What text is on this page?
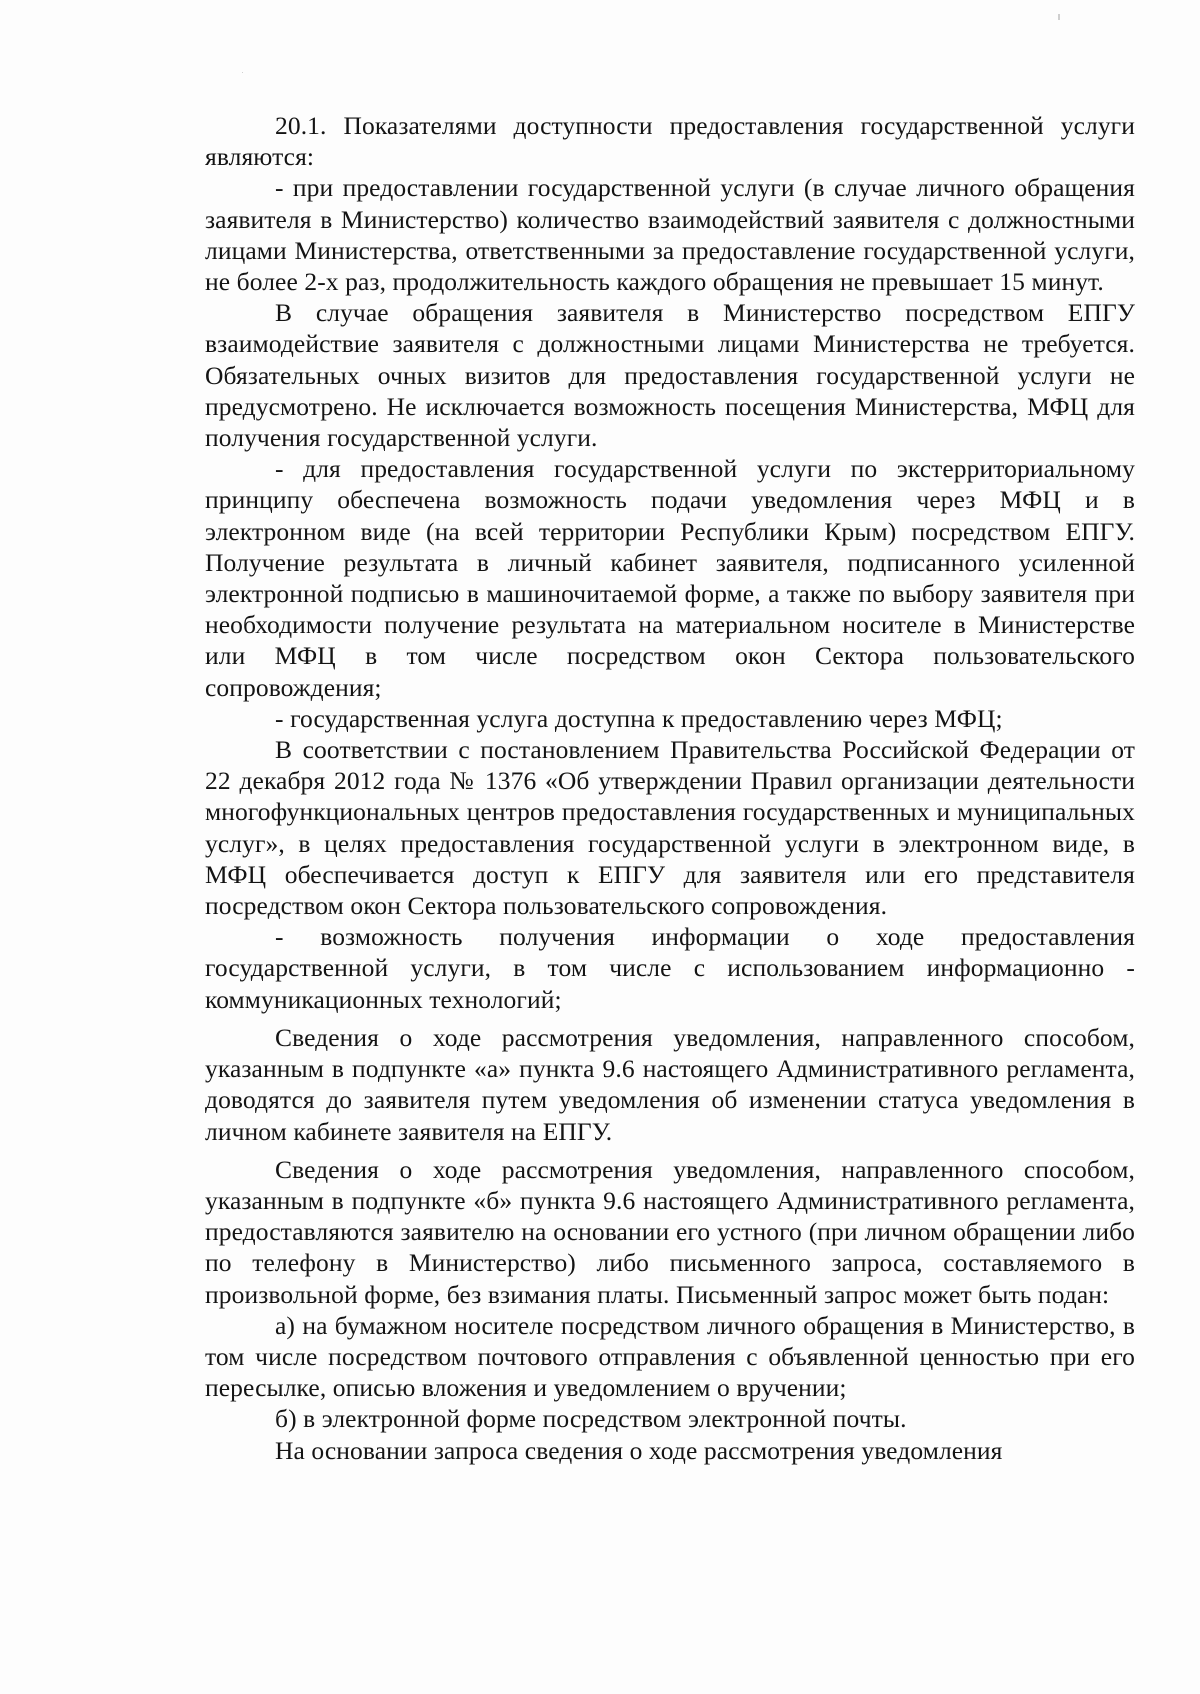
20.1. Показателями доступности предоставления государственной услуги являются:

- при предоставлении государственной услуги (в случае личного обращения заявителя в Министерство) количество взаимодействий заявителя с должностными лицами Министерства, ответственными за предоставление государственной услуги, не более 2-х раз, продолжительность каждого обращения не превышает 15 минут.

В случае обращения заявителя в Министерство посредством ЕПГУ взаимодействие заявителя с должностными лицами Министерства не требуется. Обязательных очных визитов для предоставления государственной услуги не предусмотрено. Не исключается возможность посещения Министерства, МФЦ для получения государственной услуги.

- для предоставления государственной услуги по экстерриториальному принципу обеспечена возможность подачи уведомления через МФЦ и в электронном виде (на всей территории Республики Крым) посредством ЕПГУ. Получение результата в личный кабинет заявителя, подписанного усиленной электронной подписью в машиночитаемой форме, а также по выбору заявителя при необходимости получение результата на материальном носителе в Министерстве или МФЦ в том числе посредством окон Сектора пользовательского сопровождения;

- государственная услуга доступна к предоставлению через МФЦ;

В соответствии с постановлением Правительства Российской Федерации от 22 декабря 2012 года № 1376 «Об утверждении Правил организации деятельности многофункциональных центров предоставления государственных и муниципальных услуг», в целях предоставления государственной услуги в электронном виде, в МФЦ обеспечивается доступ к ЕПГУ для заявителя или его представителя посредством окон Сектора пользовательского сопровождения.

- возможность получения информации о ходе предоставления государственной услуги, в том числе с использованием информационно - коммуникационных технологий;

Сведения о ходе рассмотрения уведомления, направленного способом, указанным в подпункте «а» пункта 9.6 настоящего Административного регламента, доводятся до заявителя путем уведомления об изменении статуса уведомления в личном кабинете заявителя на ЕПГУ.

Сведения о ходе рассмотрения уведомления, направленного способом, указанным в подпункте «б» пункта 9.6 настоящего Административного регламента, предоставляются заявителю на основании его устного (при личном обращении либо по телефону в Министерство) либо письменного запроса, составляемого в произвольной форме, без взимания платы. Письменный запрос может быть подан:

а) на бумажном носителе посредством личного обращения в Министерство, в том числе посредством почтового отправления с объявленной ценностью при его пересылке, описью вложения и уведомлением о вручении;

б) в электронной форме посредством электронной почты.

На основании запроса сведения о ходе рассмотрения уведомления
